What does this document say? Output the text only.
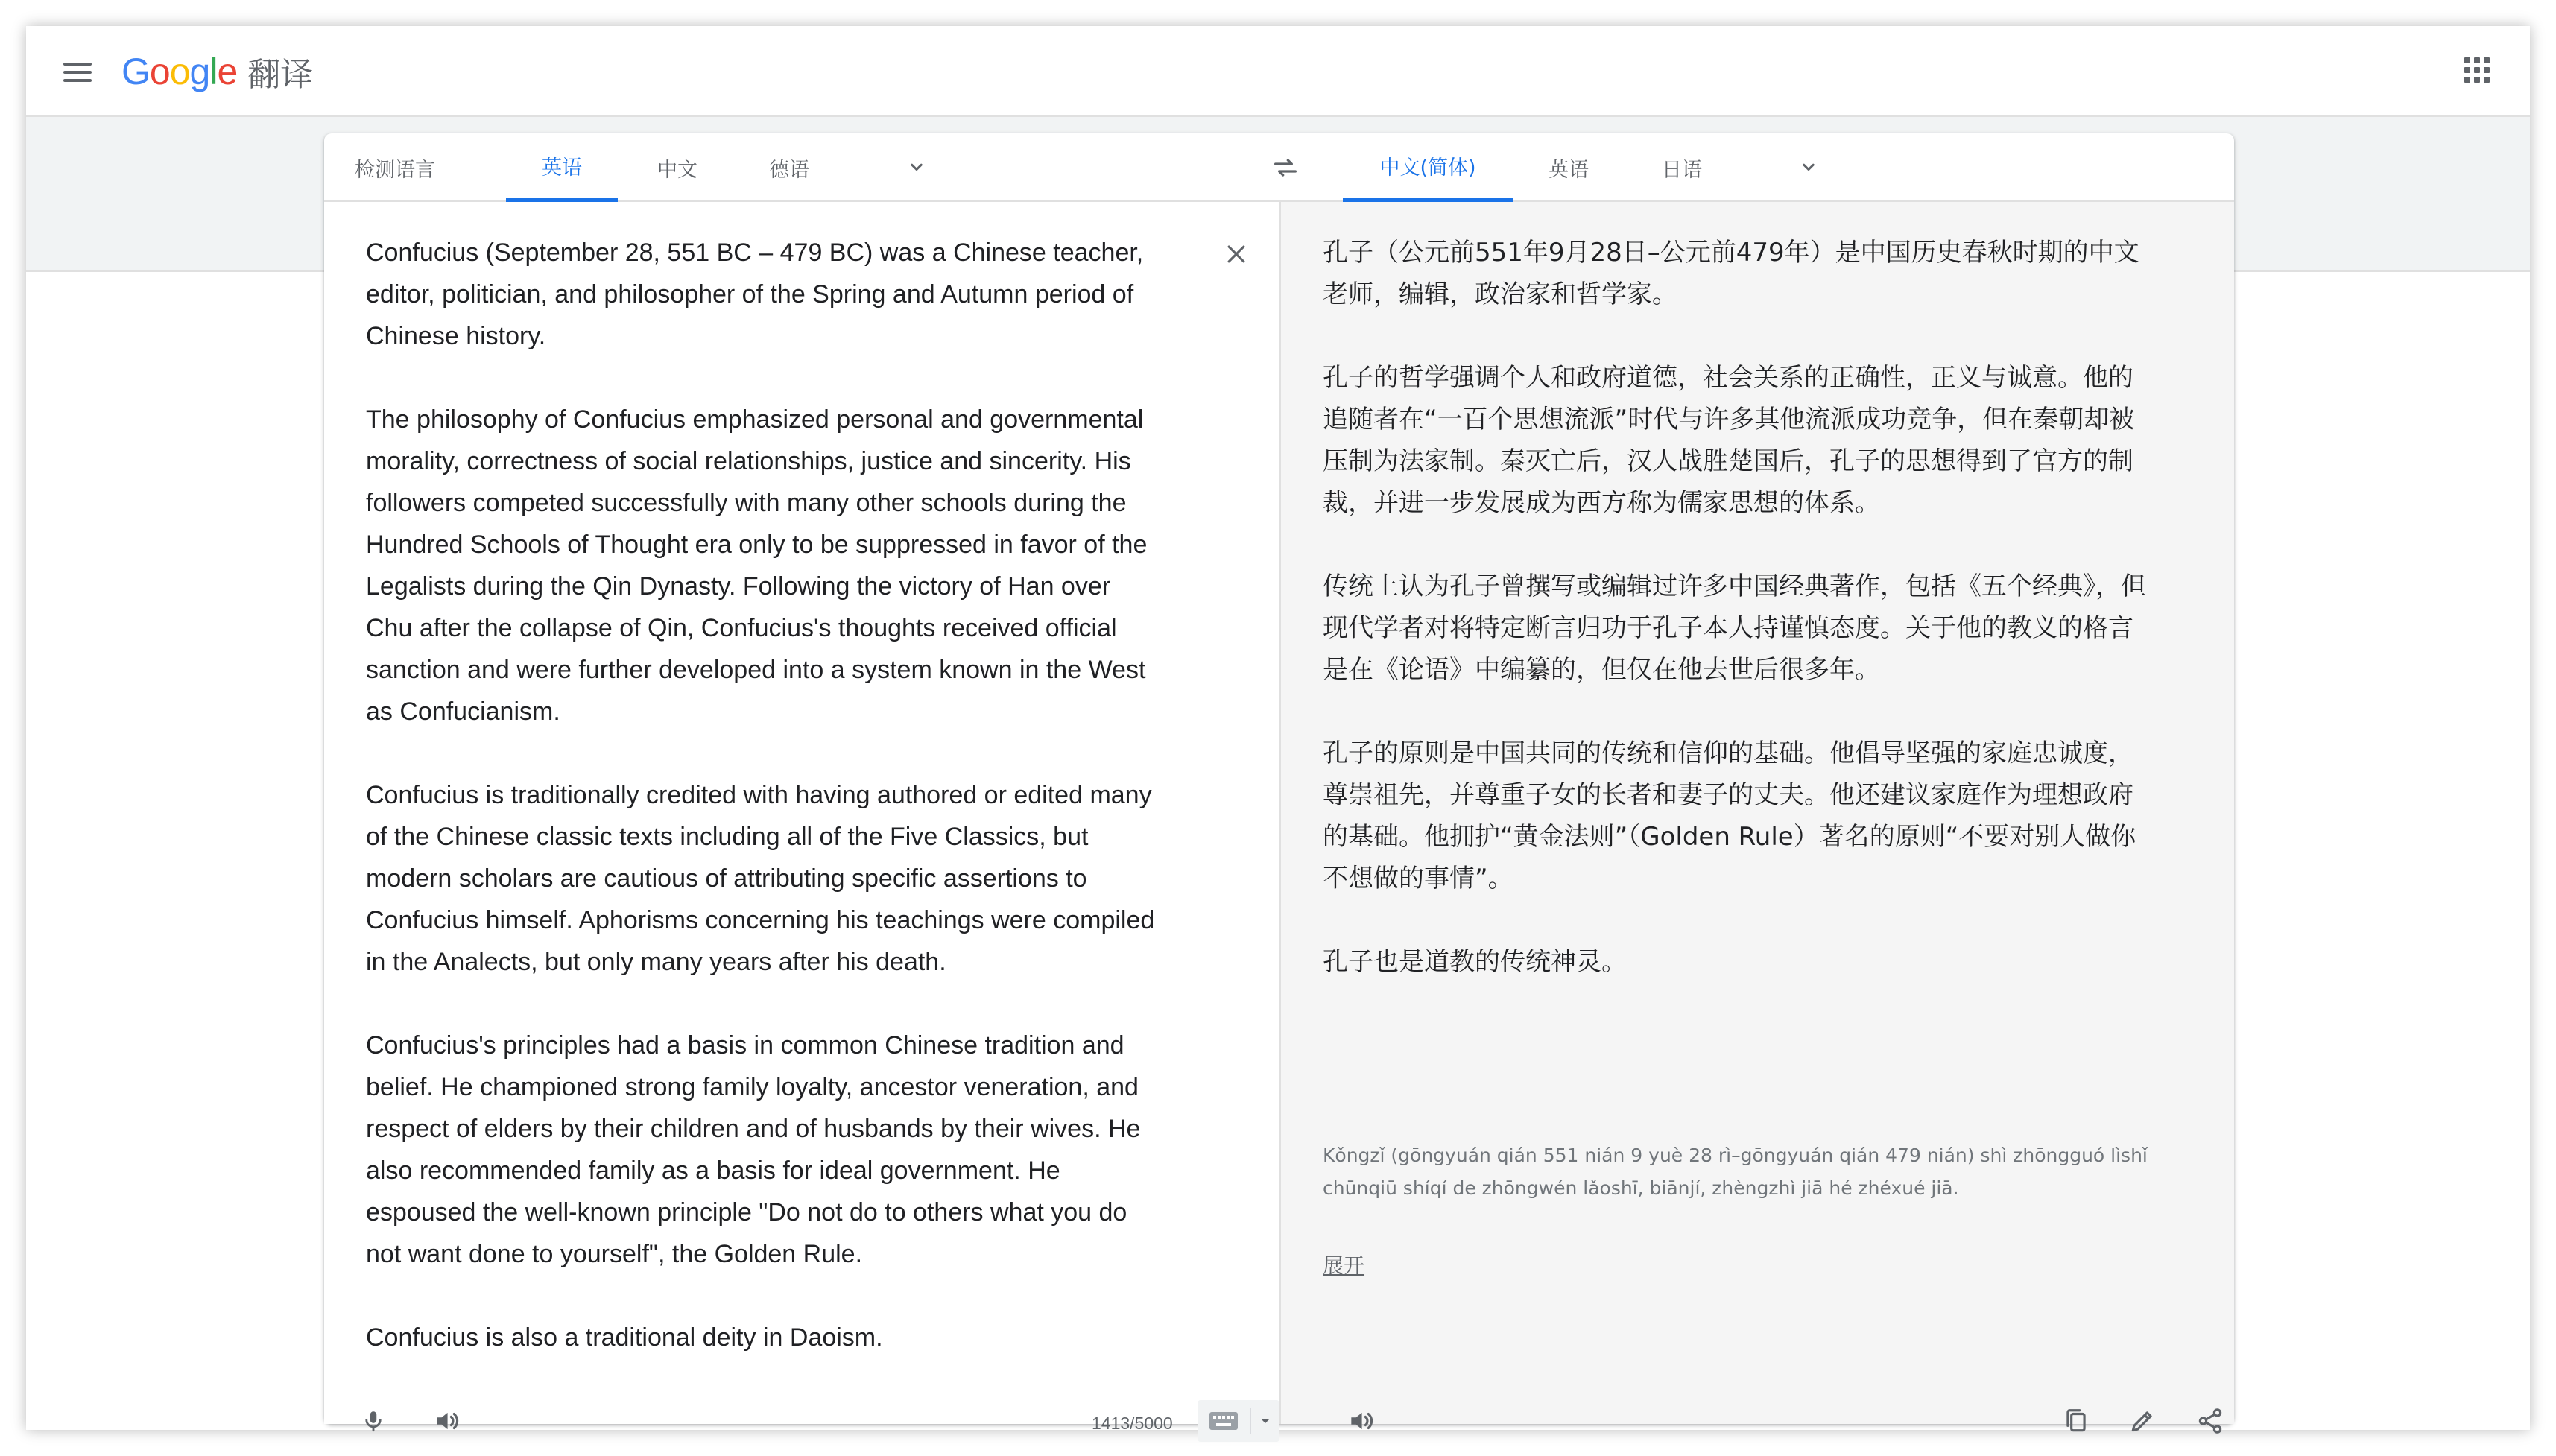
G o o g l e 翻译
检测语言	英语	中文	德语	中文(简体)	英语	日语

Confucius (September 28, 551 BC – 479 BC) was a Chinese teacher, editor, politician, and philosopher of the Spring and Autumn period of Chinese history.

The philosophy of Confucius emphasized personal and governmental morality, correctness of social relationships, justice and sincerity. His followers competed successfully with many other schools during the Hundred Schools of Thought era only to be suppressed in favor of the Legalists during the Qin Dynasty. Following the victory of Han over Chu after the collapse of Qin, Confucius's thoughts received official sanction and were further developed into a system known in the West as Confucianism.

Confucius is traditionally credited with having authored or edited many of the Chinese classic texts including all of the Five Classics, but modern scholars are cautious of attributing specific assertions to Confucius himself. Aphorisms concerning his teachings were compiled in the Analects, but only many years after his death.

Confucius's principles had a basis in common Chinese tradition and belief. He championed strong family loyalty, ancestor veneration, and respect of elders by their children and of husbands by their wives. He also recommended family as a basis for ideal government. He espoused the well-known principle "Do not do to others what you do not want done to yourself", the Golden Rule.

Confucius is also a traditional deity in Daoism.

孔子（公元前551年9月28日–公元前479年）是中国历史春秋时期的中文老师，编辑，政治家和哲学家。

孔子的哲学强调个人和政府道德，社会关系的正确性，正义与诚意。他的追随者在“一百个思想流派”时代与许多其他流派成功竞争，但在秦朝却被压制为法家制。秦灭亡后，汉人战胜楚国后，孔子的思想得到了官方的制裁，并进一步发展成为西方称为儒家思想的体系。

传统上认为孔子曾撰写或编辑过许多中国经典著作，包括《五个经典》，但现代学者对将特定断言归功于孔子本人持谨慎态度。关于他的教义的格言是在《论语》中编纂的，但仅在他去世后很多年。

孔子的原则是中国共同的传统和信仰的基础。他倡导坚强的家庭忠诚度，尊崇祖先，并尊重子女的长者和妻子的丈夫。他还建议家庭作为理想政府的基础。他拥护“黄金法则”（Golden Rule）著名的原则“不要对别人做你不想做的事情”。

孔子也是道教的传统神灵。

Kǒngzǐ (gōngyuán qián 551 nián 9 yuè 28 rì–gōngyuán qián 479 nián) shì zhōngguó lìshǐ chūnqiū shíqí de zhōngwén lǎoshī, biānjí, zhèngzhì jiā hé zhéxué jiā.
展开
1413/5000
